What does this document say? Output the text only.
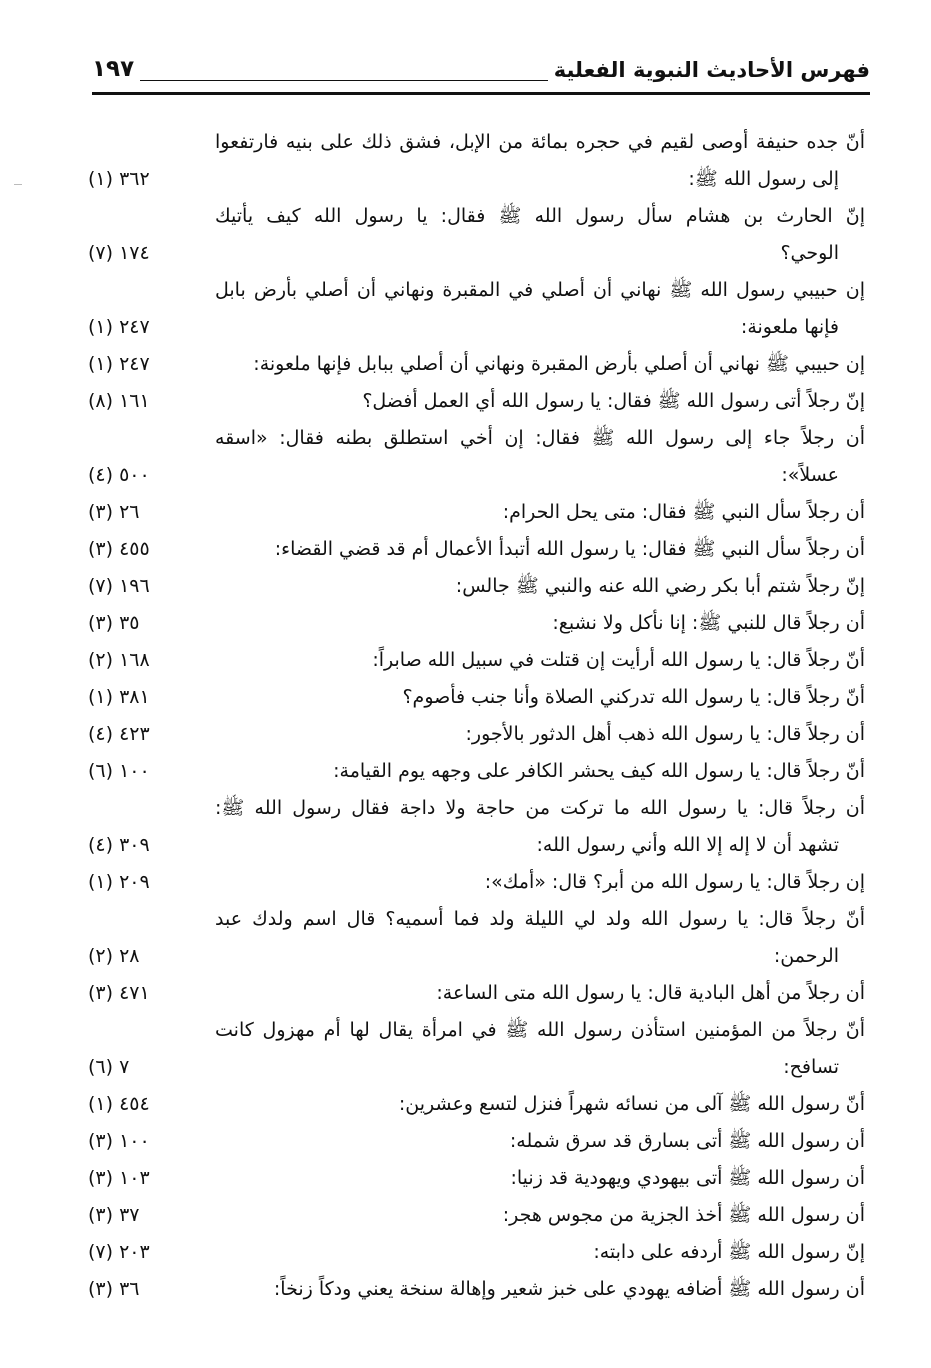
فهرس الأحاديث النبوية الفعلية
١٩٧
أنّ جده حنيفة أوصى لقيم في حجره بمائة من الإبل، فشق ذلك على بنيه فارتفعوا
إلى رسول الله ﷺ:
٣٦٢ (١)
إنّ الحارث بن هشام سأل رسول الله ﷺ فقال: يا رسول الله كيف يأتيك
الوحي؟
١٧٤ (٧)
إن حبيبي رسول الله ﷺ نهاني أن أصلي في المقبرة ونهاني أن أصلي بأرض بابل
فإنها ملعونة:
٢٤٧ (١)
إن حبيبي ﷺ نهاني أن أصلي بأرض المقبرة ونهاني أن أصلي ببابل فإنها ملعونة:
٢٤٧ (١)
إنّ رجلاً أتى رسول الله ﷺ فقال: يا رسول الله أي العمل أفضل؟
١٦١ (٨)
أن رجلاً جاء إلى رسول الله ﷺ فقال: إن أخي استطلق بطنه فقال: «اسقه
عسلاً»:
٥٠٠ (٤)
أن رجلاً سأل النبي ﷺ فقال: متى يحل الحرام:
٢٦ (٣)
أن رجلاً سأل النبي ﷺ فقال: يا رسول الله أتبدأ الأعمال أم قد قضي القضاء:
٤٥٥ (٣)
إنّ رجلاً شتم أبا بكر رضي الله عنه والنبي ﷺ جالس:
١٩٦ (٧)
أن رجلاً قال للنبي ﷺ: إنا نأكل ولا نشبع:
٣٥ (٣)
أنّ رجلاً قال: يا رسول الله أرأيت إن قتلت في سبيل الله صابراً:
١٦٨ (٢)
أنّ رجلاً قال: يا رسول الله تدركني الصلاة وأنا جنب فأصوم؟
٣٨١ (١)
أن رجلاً قال: يا رسول الله ذهب أهل الدثور بالأجور:
٤٢٣ (٤)
أنّ رجلاً قال: يا رسول الله كيف يحشر الكافر على وجهه يوم القيامة:
١٠٠ (٦)
أن رجلاً قال: يا رسول الله ما تركت من حاجة ولا داجة فقال رسول الله ﷺ:
تشهد أن لا إله إلا الله وأني رسول الله:
٣٠٩ (٤)
إن رجلاً قال: يا رسول الله من أبر؟ قال: «أمك»:
٢٠٩ (١)
أنّ رجلاً قال: يا رسول الله ولد لي الليلة ولد فما أسميه؟ قال اسم ولدك عبد
الرحمن:
٢٨ (٢)
أن رجلاً من أهل البادية قال: يا رسول الله متى الساعة:
٤٧١ (٣)
أنّ رجلاً من المؤمنين استأذن رسول الله ﷺ في امرأة يقال لها أم مهزول كانت
تسافح:
٧ (٦)
أنّ رسول الله ﷺ آلى من نسائه شهراً فنزل لتسع وعشرين:
٤٥٤ (١)
أن رسول الله ﷺ أتى بسارق قد سرق شمله:
١٠٠ (٣)
أن رسول الله ﷺ أتى بيهودي ويهودية قد زنيا:
١٠٣ (٣)
أن رسول الله ﷺ أخذ الجزية من مجوس هجر:
٣٧ (٣)
إنّ رسول الله ﷺ أردفه على دابته:
٢٠٣ (٧)
أن رسول الله ﷺ أضافه يهودي على خبز شعير وإهالة سنخة يعني ودكاً زنخاً:
٣٦ (٣)
